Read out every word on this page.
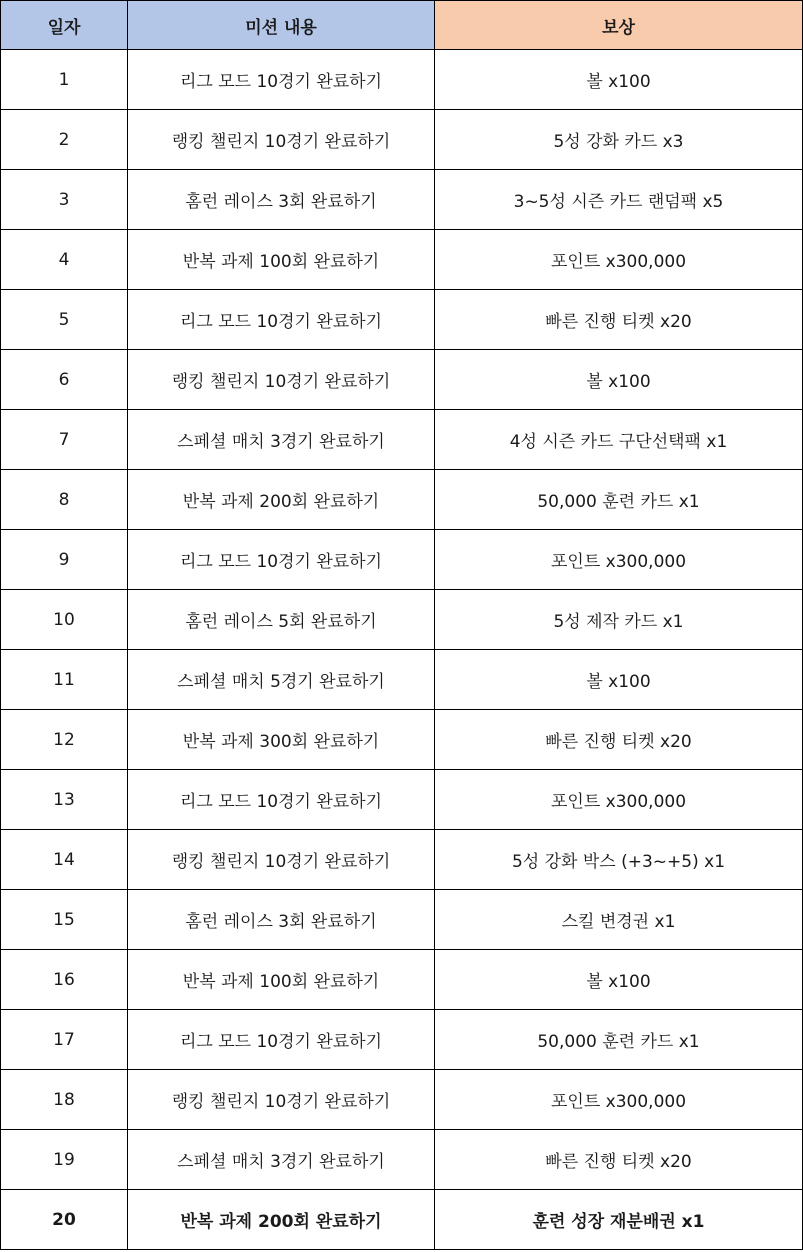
일자	미션 내용	보상
1	리그 모드 10경기 완료하기	볼 x100
2	랭킹 챌린지 10경기 완료하기	5성 강화 카드 x3
3	홈런 레이스 3회 완료하기	3~5성 시즌 카드 랜덤팩 x5
4	반복 과제 100회 완료하기	포인트 x300,000
5	리그 모드 10경기 완료하기	빠른 진행 티켓 x20
6	랭킹 챌린지 10경기 완료하기	볼 x100
7	스페셜 매치 3경기 완료하기	4성 시즌 카드 구단선택팩 x1
8	반복 과제 200회 완료하기	50,000 훈련 카드 x1
9	리그 모드 10경기 완료하기	포인트 x300,000
10	홈런 레이스 5회 완료하기	5성 제작 카드 x1
11	스페셜 매치 5경기 완료하기	볼 x100
12	반복 과제 300회 완료하기	빠른 진행 티켓 x20
13	리그 모드 10경기 완료하기	포인트 x300,000
14	랭킹 챌린지 10경기 완료하기	5성 강화 박스 (+3~+5) x1
15	홈런 레이스 3회 완료하기	스킬 변경권 x1
16	반복 과제 100회 완료하기	볼 x100
17	리그 모드 10경기 완료하기	50,000 훈련 카드 x1
18	랭킹 챌린지 10경기 완료하기	포인트 x300,000
19	스페셜 매치 3경기 완료하기	빠른 진행 티켓 x20
20	반복 과제 200회 완료하기	훈련 성장 재분배권 x1
